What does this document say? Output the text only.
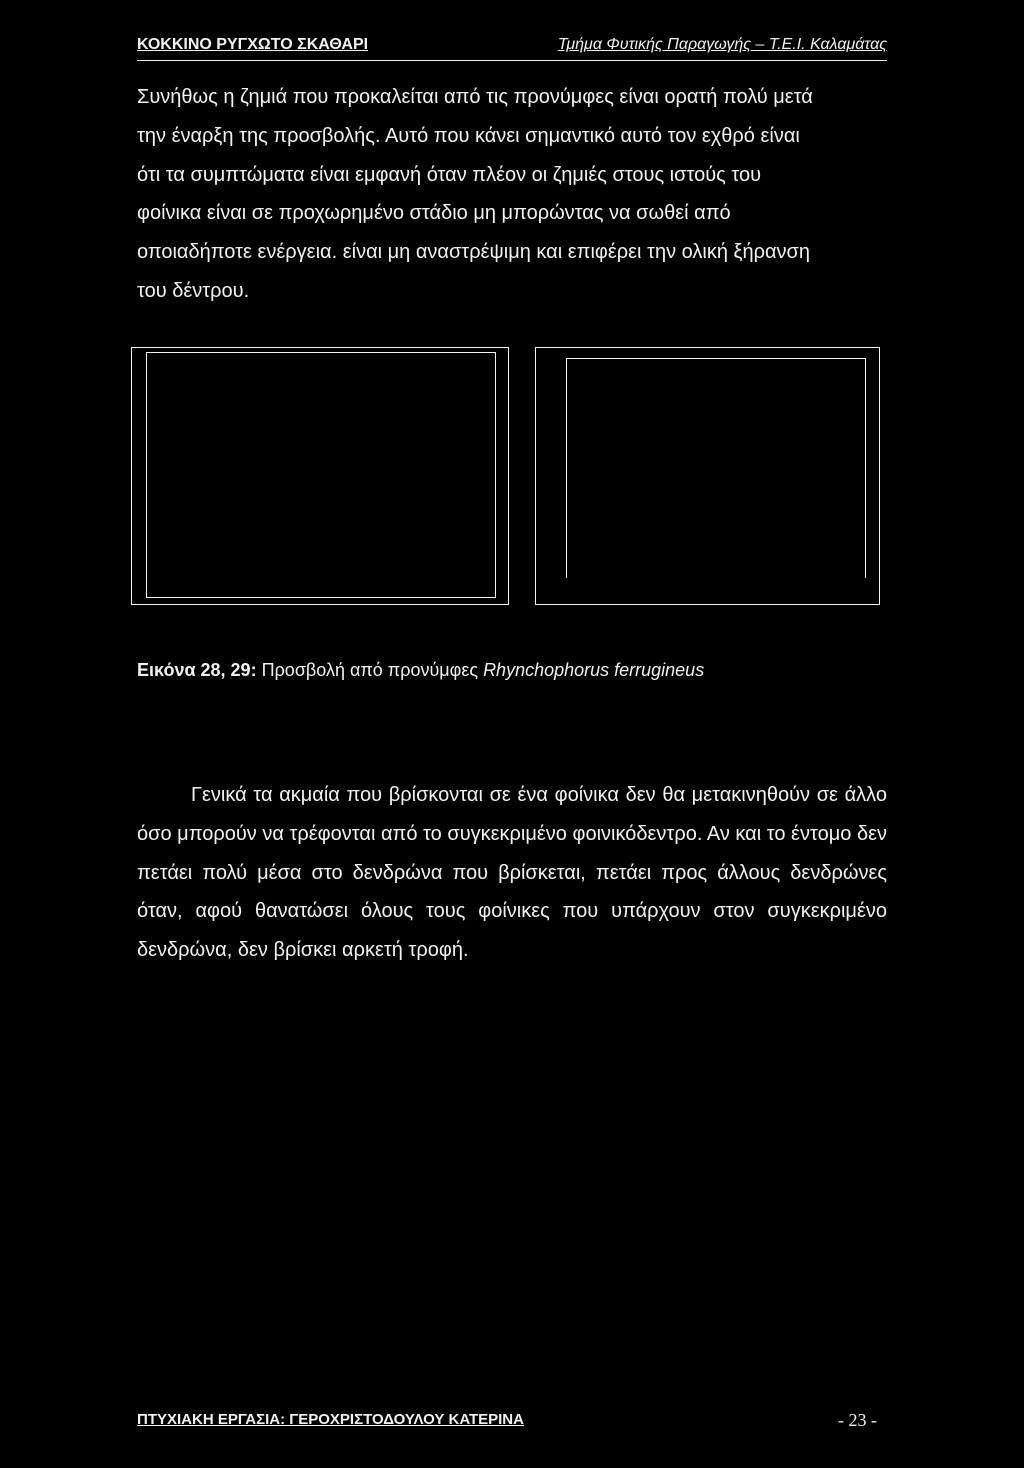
ΚΟΚΚΙΝΟ ΡΥΓΧΩΤΟ ΣΚΑΘΑΡΙ	Τμήμα Φυτικής Παραγωγής – Τ.Ε.Ι. Καλαμάτας

Συνήθως η ζημιά που προκαλείται από τις προνύμφες είναι ορατή πολύ μετά
την έναρξη της προσβολής. Αυτό που κάνει σημαντικό αυτό τον εχθρό είναι
ότι τα συμπτώματα είναι εμφανή όταν πλέον οι ζημιές στους ιστούς του
φοίνικα είναι σε προχωρημένο στάδιο μη μπορώντας να σωθεί από
οποιαδήποτε ενέργεια. είναι μη αναστρέψιμη και επιφέρει την ολική ξήρανση
του δέντρου.

Εικόνα 28, 29: Προσβολή από προνύμφες Rhynchophorus ferrugineus

Γενικά τα ακμαία που βρίσκονται σε ένα φοίνικα δεν θα μετακινηθούν σε άλλο όσο μπορούν να τρέφονται από το συγκεκριμένο φοινικόδεντρο. Αν και το έντομο δεν πετάει πολύ μέσα στο δενδρώνα που βρίσκεται, πετάει προς άλλους δενδρώνες όταν, αφού θανατώσει όλους τους φοίνικες που υπάρχουν στον συγκεκριμένο δενδρώνα, δεν βρίσκει αρκετή τροφή.

ΠΤΥΧΙΑΚΗ ΕΡΓΑΣΙΑ: ΓΕΡΟΧΡΙΣΤΟΔΟΥΛΟΥ ΚΑΤΕΡΙΝΑ	- 23 -
